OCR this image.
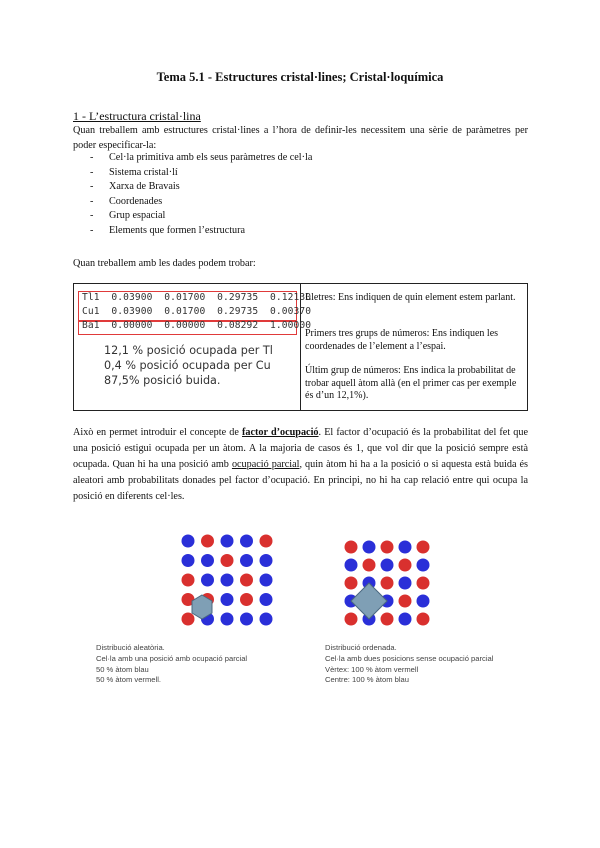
Tema 5.1 - Estructures cristal·lines; Cristal·loquímica
1 - L’estructura cristal·lina
Quan treballem amb estructures cristal·lines a l’hora de definir-les necessitem una sèrie de paràmetres per poder especificar-la:
- Cel·la primitiva amb els seus paràmetres de cel·la
- Sistema cristal·lí
- Xarxa de Bravais
- Coordenades
- Grup espacial
- Elements que formen l’estructura
Quan treballem amb les dades podem trobar:
Tl1  0.03900  0.01700  0.29735  0.12130
Cu1  0.03900  0.01700  0.29735  0.00370
Ba1  0.00000  0.00000  0.08292  1.00000
12,1 % posició ocupada per Tl
0,4 % posició ocupada per Cu
87,5% posició buida.
Lletres: Ens indiquen de quin element estem parlant.
Primers tres grups de números: Ens indiquen les coordenades de l’element a l’espai.
Últim grup de números: Ens indica la probabilitat de trobar aquell àtom allà (en el primer cas per exemple és d’un 12,1%).
Això en permet introduir el concepte de factor d’ocupació. El factor d’ocupació és la probabilitat del fet que una posició estigui ocupada per un àtom. A la majoria de casos és 1, que vol dir que la posició sempre està ocupada. Quan hi ha una posició amb ocupació parcial, quin àtom hi ha a la posició o si aquesta està buida és aleatori amb probabilitats donades pel factor d’ocupació. En principi, no hi ha cap relació entre qui ocupa la posició en diferents cel·les.
Distribució aleatòria.
Cel·la amb una posició amb ocupació parcial
50 % àtom blau
50 % àtom vermell.
Distribució ordenada.
Cel·la amb dues posicions sense ocupació parcial
Vèrtex: 100 % àtom vermell
Centre: 100 % àtom blau
